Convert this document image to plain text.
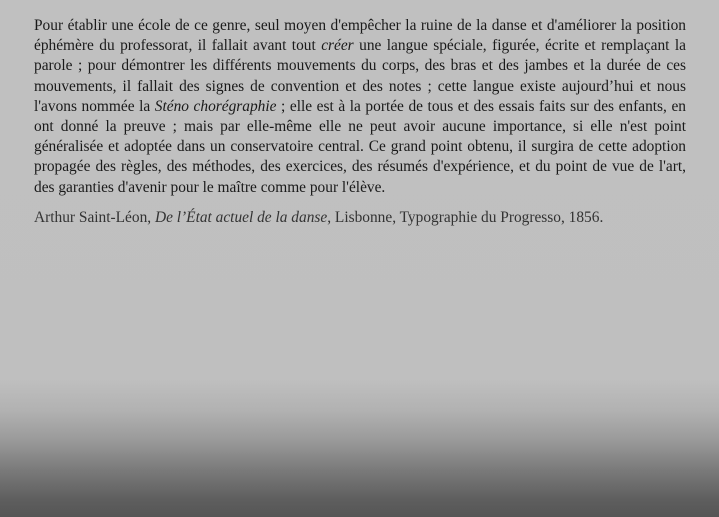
Pour établir une école de ce genre, seul moyen d'empêcher la ruine de la danse et d'améliorer la position éphémère du professorat, il fallait avant tout créer une langue spéciale, figurée, écrite et remplaçant la parole ; pour démontrer les différents mouvements du corps, des bras et des jambes et la durée de ces mouvements, il fallait des signes de convention et des notes ; cette langue existe aujourd’hui et nous l'avons nommée la Sténo chorégraphie ; elle est à la portée de tous et des essais faits sur des enfants, en ont donné la preuve ; mais par elle-même elle ne peut avoir aucune importance, si elle n'est point généralisée et adoptée dans un conservatoire central. Ce grand point obtenu, il surgira de cette adoption propagée des règles, des méthodes, des exercices, des résumés d'expérience, et du point de vue de l'art, des garanties d'avenir pour le maître comme pour l'élève.

Arthur Saint-Léon, De l’État actuel de la danse, Lisbonne, Typographie du Progresso, 1856.
